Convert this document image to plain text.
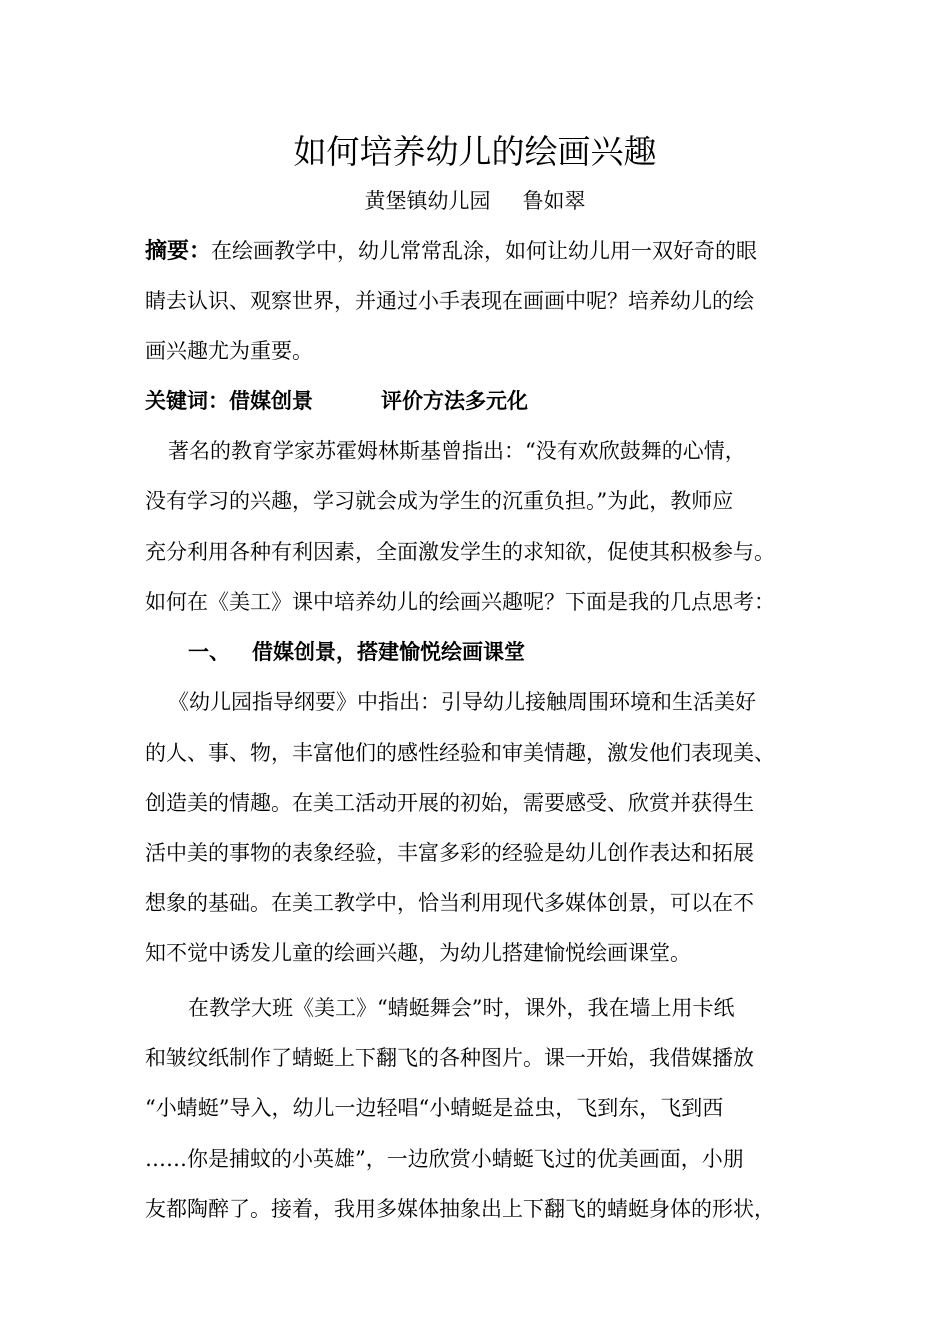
如何培养幼儿的绘画兴趣
黄堡镇幼儿园 鲁如翠
摘要：在绘画教学中，幼儿常常乱涂，如何让幼儿用一双好奇的眼
睛去认识、观察世界，并通过小手表现在画画中呢？培养幼儿的绘
画兴趣尤为重要。
关键词：借媒创景	评价方法多元化
著名的教育学家苏霍姆林斯基曾指出：“没有欢欣鼓舞的心情，
没有学习的兴趣，学习就会成为学生的沉重负担。”为此，教师应
充分利用各种有利因素，全面激发学生的求知欲，促使其积极参与。
如何在《美工》课中培养幼儿的绘画兴趣呢？下面是我的几点思考：
一、 借媒创景，搭建愉悦绘画课堂
《幼儿园指导纲要》中指出：引导幼儿接触周围环境和生活美好
的人、事、物，丰富他们的感性经验和审美情趣，激发他们表现美、
创造美的情趣。在美工活动开展的初始，需要感受、欣赏并获得生
活中美的事物的表象经验，丰富多彩的经验是幼儿创作表达和拓展
想象的基础。在美工教学中，恰当利用现代多媒体创景，可以在不
知不觉中诱发儿童的绘画兴趣，为幼儿搭建愉悦绘画课堂。
在教学大班《美工》“蜻蜓舞会”时，课外，我在墙上用卡纸
和皱纹纸制作了蜻蜓上下翻飞的各种图片。课一开始，我借媒播放
“小蜻蜓”导入，幼儿一边轻唱“小蜻蜓是益虫，飞到东，飞到西
……你是捕蚊的小英雄”，一边欣赏小蜻蜓飞过的优美画面，小朋
友都陶醉了。接着，我用多媒体抽象出上下翻飞的蜻蜓身体的形状，
